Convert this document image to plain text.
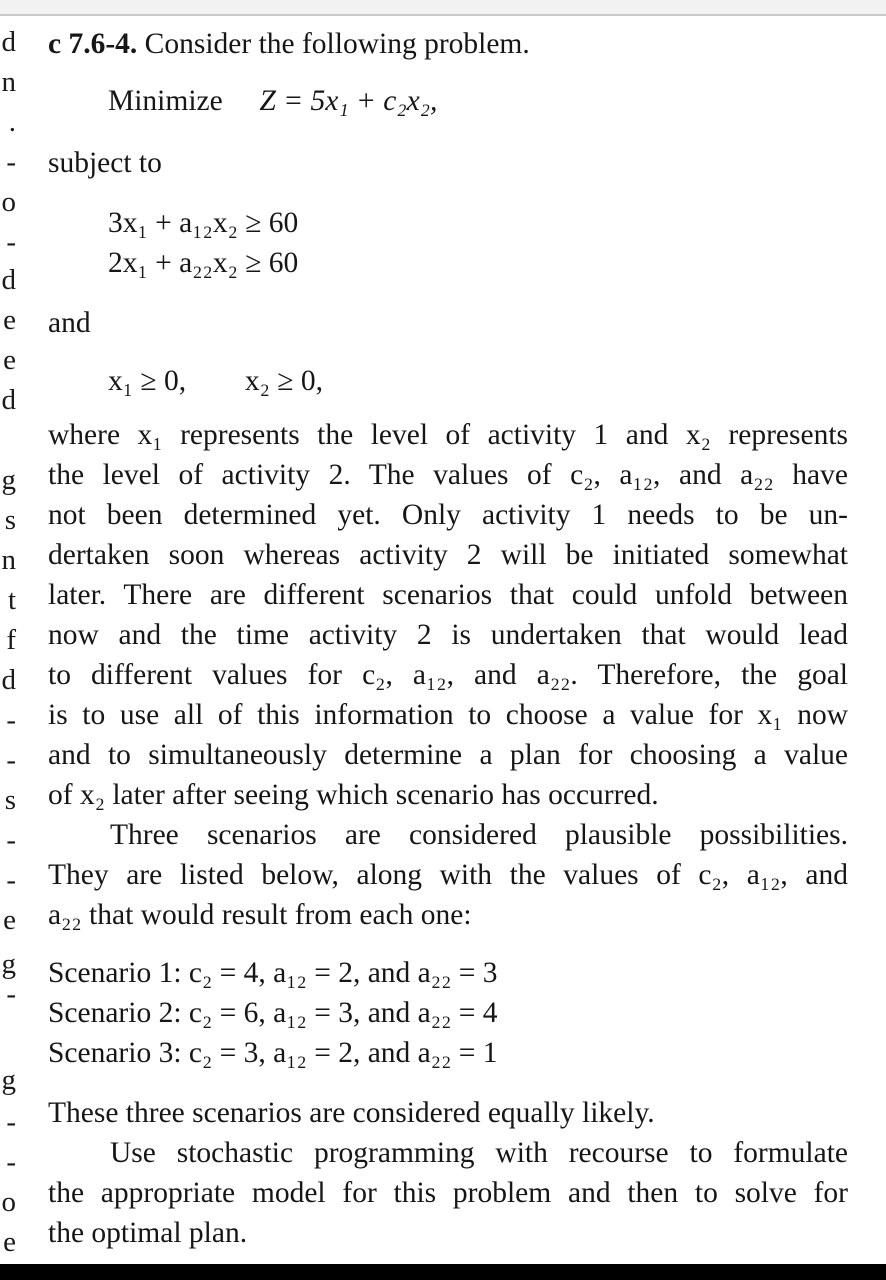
d
n
.
-
o
-
d
e
e
d
g
s
n
t
f
d
-
-
s
-
-
e
g
-
g
-
-
o
e

c 7.6-4. Consider the following problem.

Minimize Z = 5x₁ + c₂x₂,

subject to

3x₁ + a₁₂x₂ ≥ 60

2x₁ + a₂₂x₂ ≥ 60

and

x₁ ≥ 0, x₂ ≥ 0,

where x₁ represents the level of activity 1 and x₂ represents

the level of activity 2. The values of c₂, a₁₂, and a₂₂ have

not been determined yet. Only activity 1 needs to be un-

dertaken soon whereas activity 2 will be initiated somewhat

later. There are different scenarios that could unfold between

now and the time activity 2 is undertaken that would lead

to different values for c₂, a₁₂, and a₂₂. Therefore, the goal

is to use all of this information to choose a value for x₁ now

and to simultaneously determine a plan for choosing a value

of x₂ later after seeing which scenario has occurred.

Three scenarios are considered plausible possibilities.

They are listed below, along with the values of c₂, a₁₂, and

a₂₂ that would result from each one:

Scenario 1: c₂ = 4, a₁₂ = 2, and a₂₂ = 3

Scenario 2: c₂ = 6, a₁₂ = 3, and a₂₂ = 4

Scenario 3: c₂ = 3, a₁₂ = 2, and a₂₂ = 1

These three scenarios are considered equally likely.

Use stochastic programming with recourse to formulate

the appropriate model for this problem and then to solve for

the optimal plan.
